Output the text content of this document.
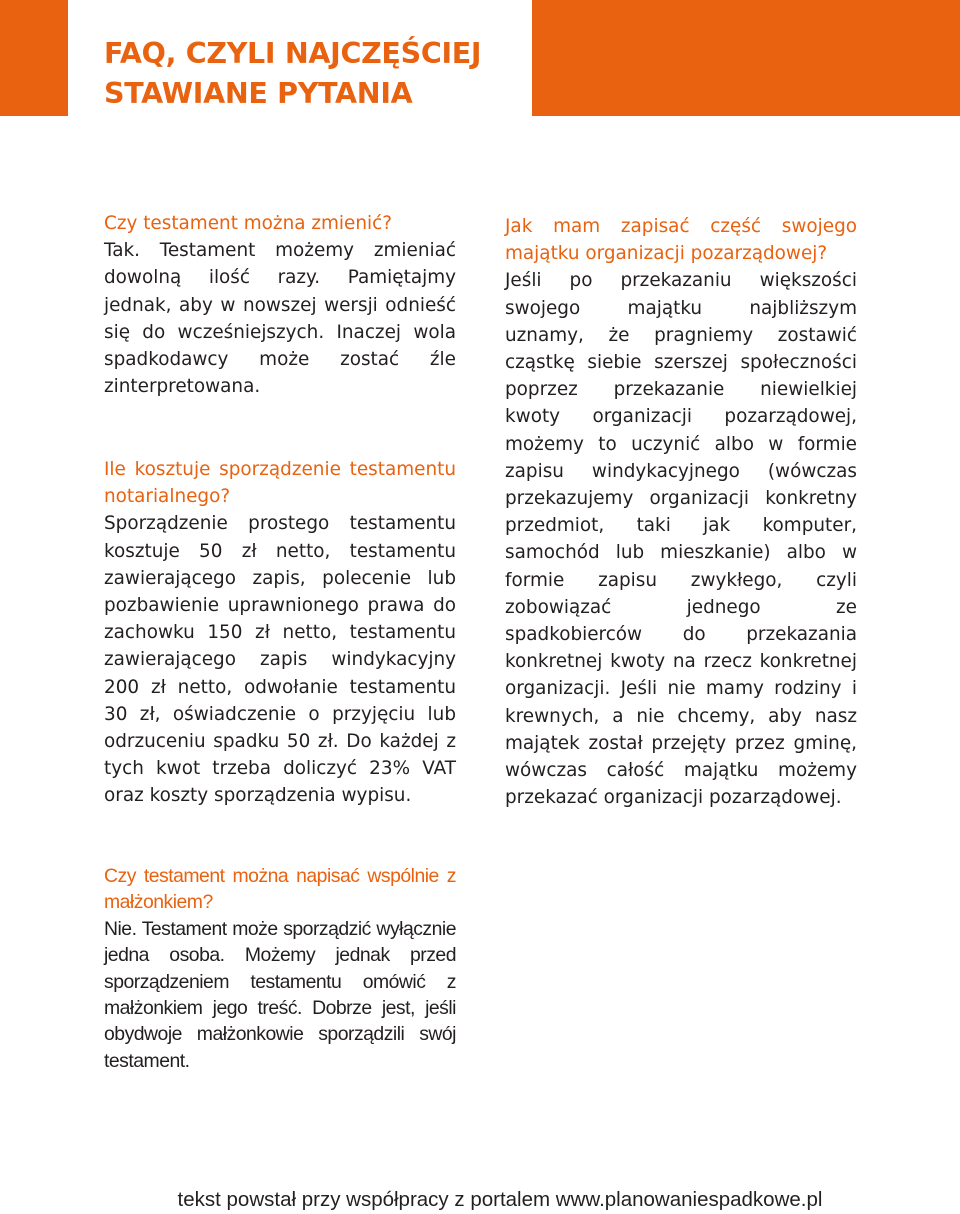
FAQ, CZYLI NAJCZĘŚCIEJ STAWIANE PYTANIA

Czy testament można zmienić?

Tak. Testament możemy zmieniać dowolną ilość razy. Pamiętajmy jednak, aby w nowszej wersji odnieść się do wcześniejszych. Inaczej wola spadkodawcy może zostać źle zinterpretowana.

Ile kosztuje sporządzenie testamentu notarialnego?

Sporządzenie prostego testamentu kosztuje 50 zł netto, testamentu zawierającego zapis, polecenie lub pozbawienie uprawnionego prawa do zachowku 150 zł netto, testamentu zawierającego zapis windykacyjny 200 zł netto, odwołanie testamentu 30 zł, oświadczenie o przyjęciu lub odrzuceniu spadku 50 zł. Do każdej z tych kwot trzeba doliczyć 23% VAT oraz koszty sporządzenia wypisu.

Jak mam zapisać część swojego majątku organizacji pozarządowej?

Jeśli po przekazaniu większości swojego majątku najbliższym uznamy, że pragniemy zostawić cząstkę siebie szerszej społeczności poprzez przekazanie niewielkiej kwoty organizacji pozarządowej, możemy to uczynić albo w formie zapisu windykacyjnego (wówczas przekazujemy organizacji konkretny przedmiot, taki jak komputer, samochód lub mieszkanie) albo w formie zapisu zwykłego, czyli zobowiązać jednego ze spadkobierców do przekazania konkretnej kwoty na rzecz konkretnej organizacji. Jeśli nie mamy rodziny i krewnych, a nie chcemy, aby nasz majątek został przejęty przez gminę, wówczas całość majątku możemy przekazać organizacji pozarządowej.

Czy testament można napisać wspólnie z małżonkiem?

Nie. Testament może sporządzić wyłącznie jedna osoba. Możemy jednak przed sporządzeniem testamentu omówić z małżonkiem jego treść. Dobrze jest, jeśli obydwoje małżonkowie sporządzili swój testament.

tekst powstał przy współpracy z portalem www.planowaniespadkowe.pl
